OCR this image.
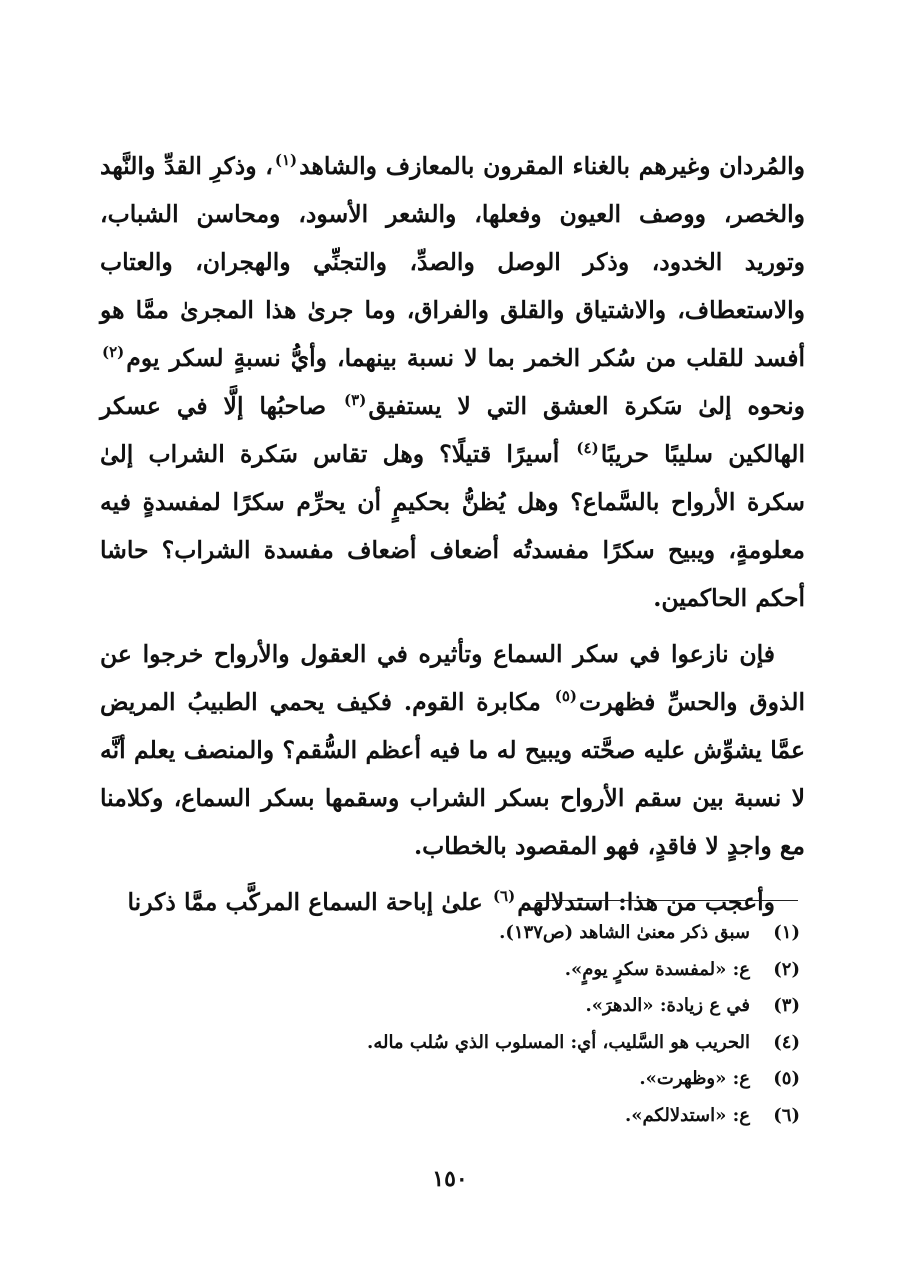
والمُردان وغيرهم بالغناء المقرون بالمعازف والشاهد$^{(١)}$، وذكرِ القدِّ والنَّهد والخصر، ووصف العيون وفعلها، والشعر الأسود، ومحاسن الشباب، وتوريد الخدود، وذكر الوصل والصدِّ، والتجنِّي والهجران، والعتاب والاستعطاف، والاشتياق والقلق والفراق، وما جرىٰ هذا المجرىٰ ممَّا هو أفسد للقلب من سُكر الخمر بما لا نسبة بينهما، وأيُّ نسبةٍ لسكر يوم$^{(٢)}$ ونحوه إلىٰ سَكرة العشق التي لا يستفيق$^{(٣)}$ صاحبُها إلَّا في عسكر الهالكين سليبًا حريبًا$^{(٤)}$ أسيرًا قتيلًا؟ وهل تقاس سَكرة الشراب إلىٰ سكرة الأرواح بالسَّماع؟ وهل يُظنُّ بحكيمٍ أن يحرِّم سكرًا لمفسدةٍ فيه معلومةٍ، ويبيح سكرًا مفسدتُه أضعاف أضعاف مفسدة الشراب؟ حاشا أحكم الحاكمين.

فإن نازعوا في سكر السماع وتأثيره في العقول والأرواح خرجوا عن الذوق والحسِّ فظهرت$^{(٥)}$ مكابرة القوم. فكيف يحمي الطبيبُ المريض عمَّا يشوِّش عليه صحَّته ويبيح له ما فيه أعظم السُّقم؟ والمنصف يعلم أنَّه لا نسبة بين سقم الأرواح بسكر الشراب وسقمها بسكر السماع، وكلامنا مع واجدٍ لا فاقدٍ، فهو المقصود بالخطاب.

وأعجب من هذا: استدلالهم$^{(٦)}$ علىٰ إباحة السماع المركَّب ممَّا ذكرنا

(١)
سبق ذكر معنىٰ الشاهد (ص١٣٧).
(٢)
ع: «لمفسدة سكرٍ يومٍ».
(٣)
في ع زيادة: «الدهرَ».
(٤)
الحريب هو السَّليب، أي: المسلوب الذي سُلب ماله.
(٥)
ع: «وظهرت».
(٦)
ع: «استدلالكم».
١٥٠
